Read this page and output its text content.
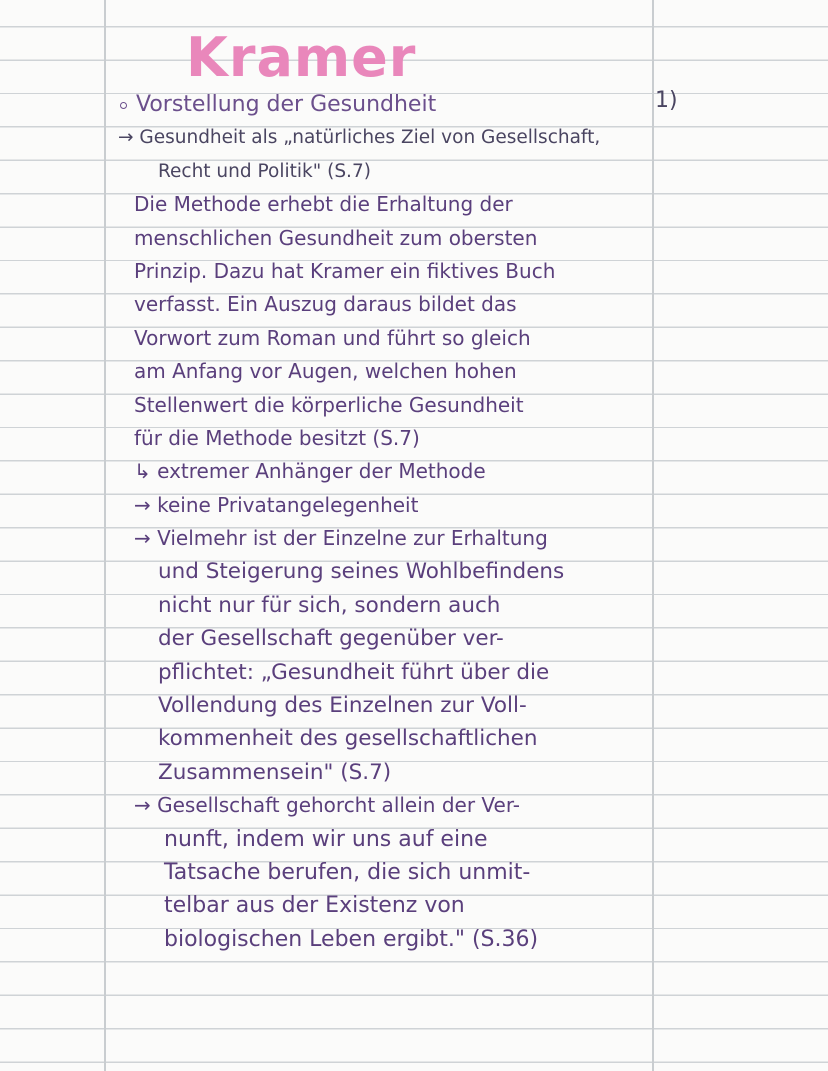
Kramer
1)
Vorstellung der Gesundheit
→ Gesundheit als „natürliches Ziel von Gesellschaft,
Recht und Politik" (S.7)
Die Methode erhebt die Erhaltung der
menschlichen Gesundheit zum obersten
Prinzip. Dazu hat Kramer ein fiktives Buch
verfasst. Ein Auszug daraus bildet das
Vorwort zum Roman und führt so gleich
am Anfang vor Augen, welchen hohen
Stellenwert die körperliche Gesundheit
für die Methode besitzt (S.7)
↳ extremer Anhänger der Methode
→ keine Privatangelegenheit
→ Vielmehr ist der Einzelne zur Erhaltung
und Steigerung seines Wohlbefindens
nicht nur für sich, sondern auch
der Gesellschaft gegenüber ver-
pflichtet: „Gesundheit führt über die
Vollendung des Einzelnen zur Voll-
kommenheit des gesellschaftlichen
Zusammensein" (S.7)
→ Gesellschaft gehorcht allein der Ver-
nunft, indem wir uns auf eine
Tatsache berufen, die sich unmit-
telbar aus der Existenz von
biologischen Leben ergibt." (S.36)
